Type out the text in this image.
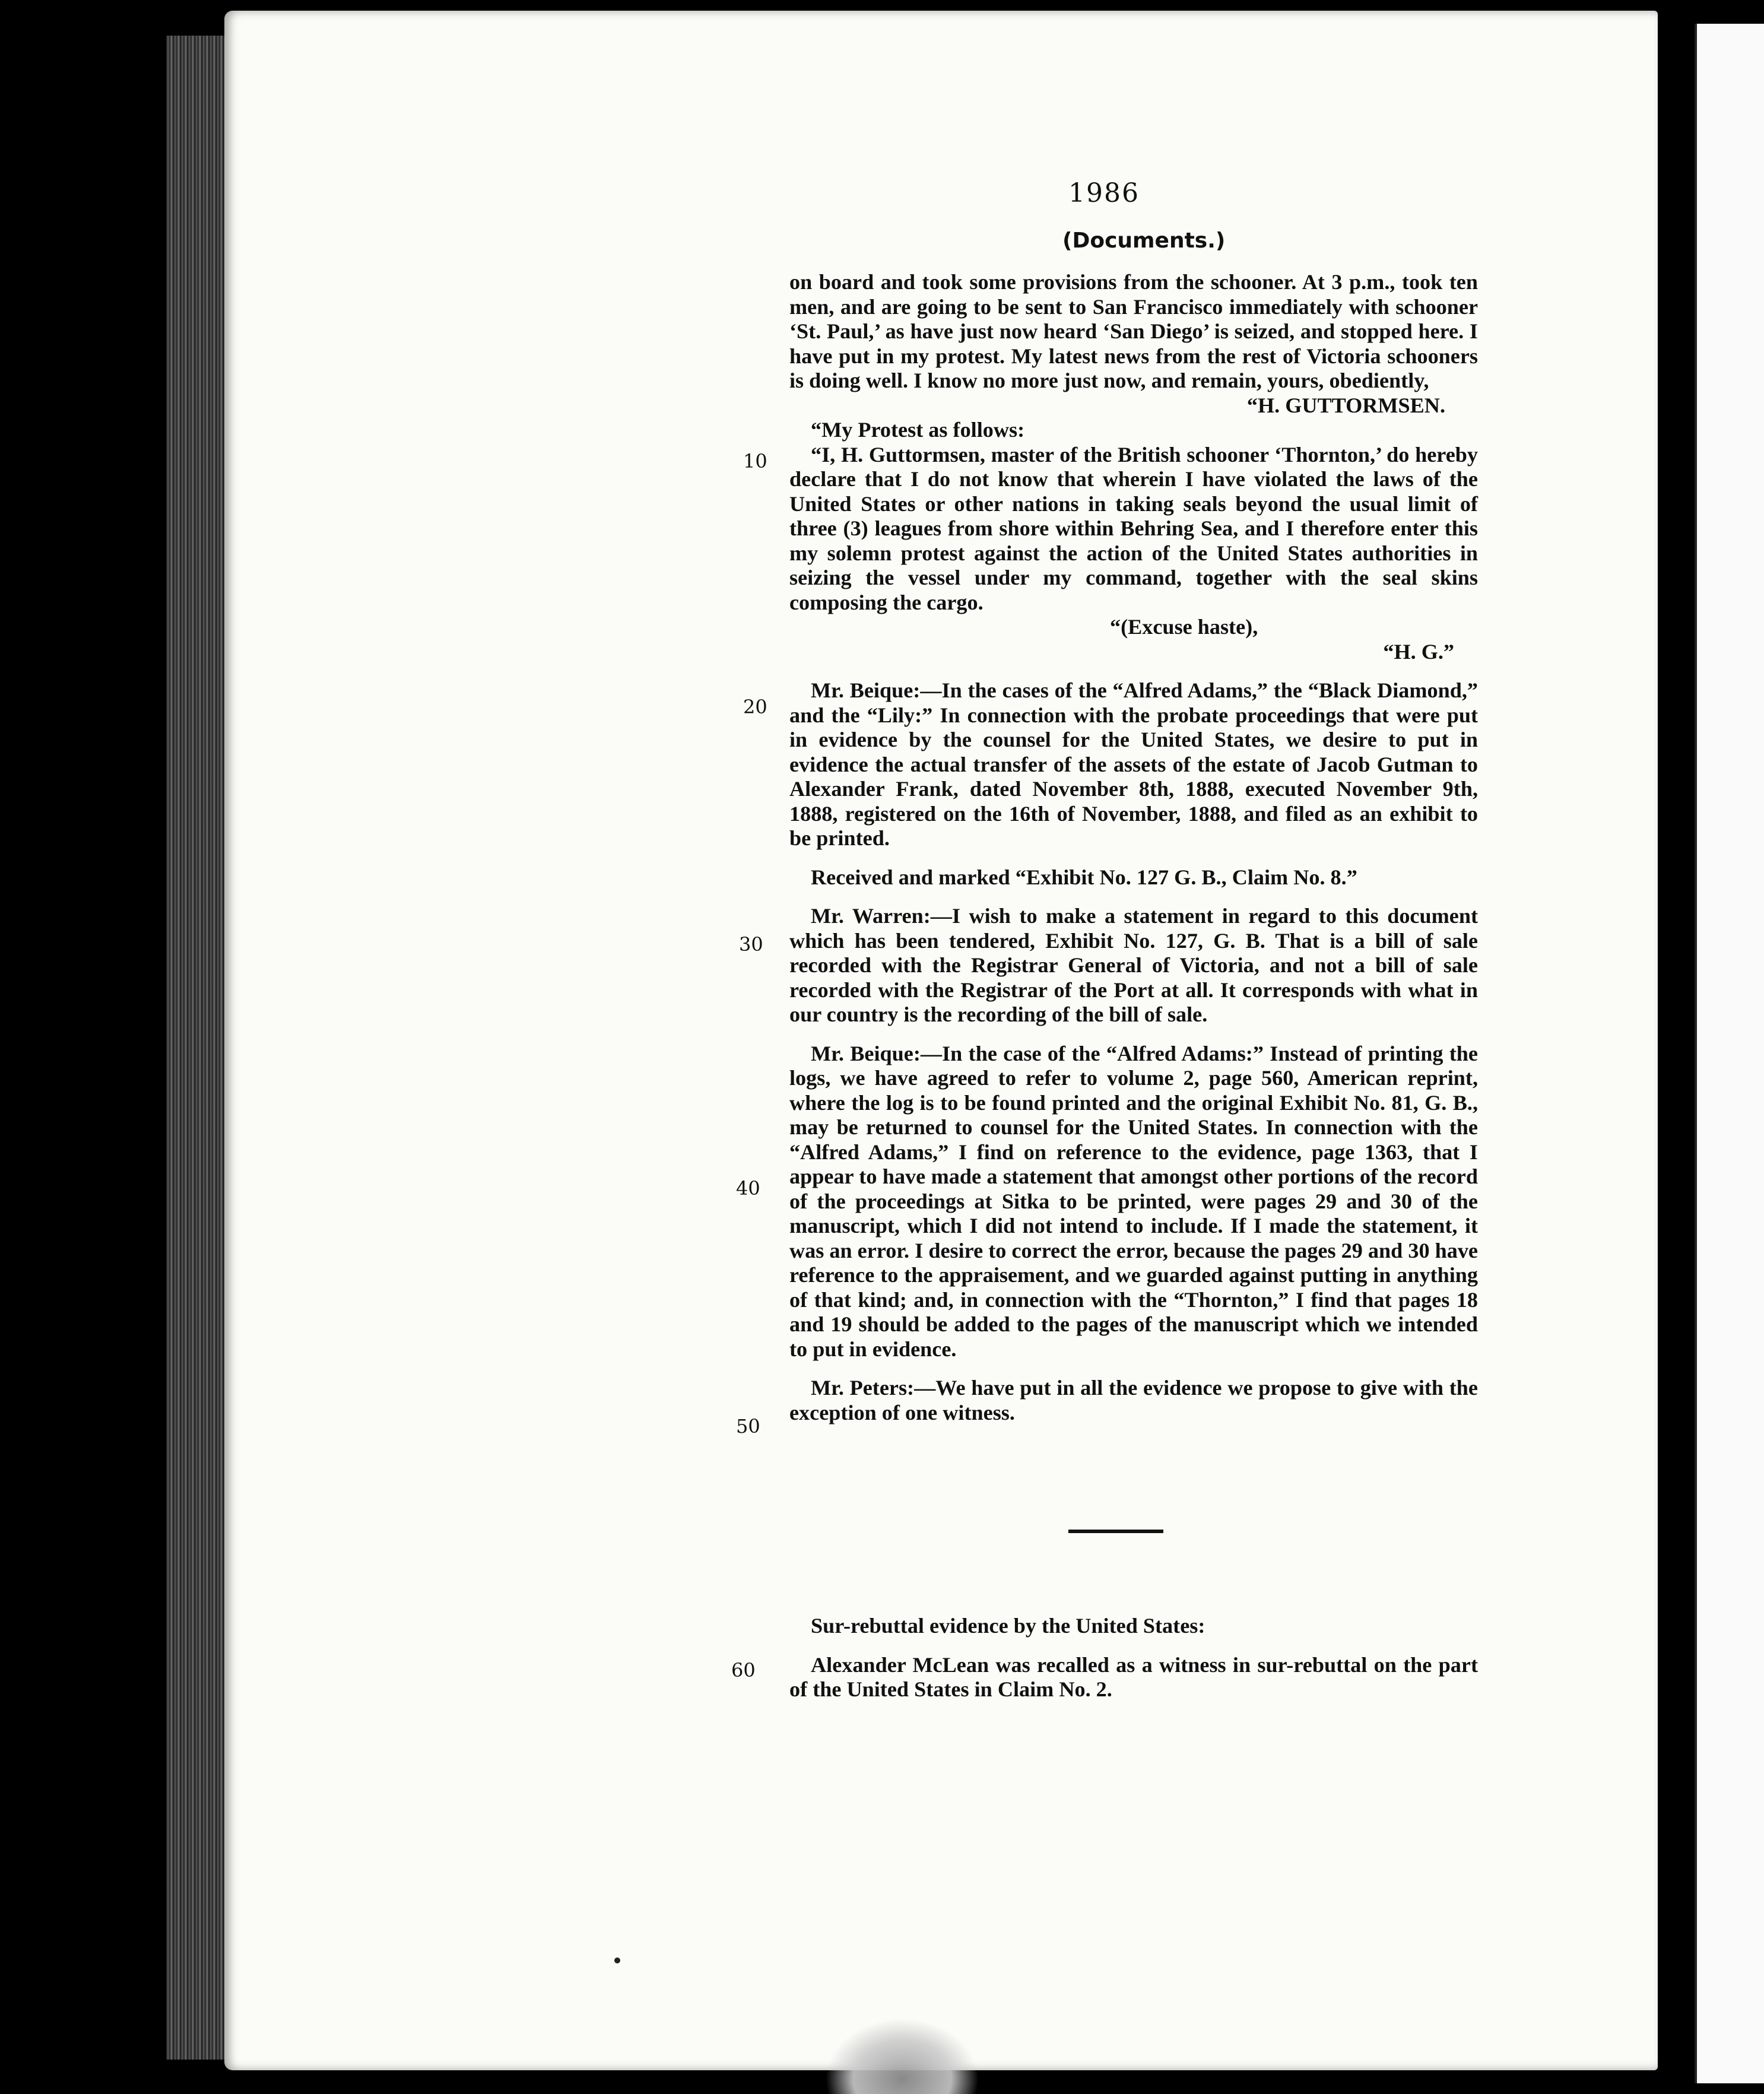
1986
(Documents.)
10
20
30
40
50
60

on board and took some provisions from the schooner. At 3 p.m., took ten men, and are going to be sent to San Francisco immediately with schooner ‘St. Paul,’ as have just now heard ‘San Diego’ is seized, and stopped here. I have put in my protest. My latest news from the rest of Victoria schooners is doing well. I know no more just now, and remain, yours, obediently,

“H. GUTTORMSEN.

“My Protest as follows:

“I, H. Guttormsen, master of the British schooner ‘Thornton,’ do hereby declare that I do not know that wherein I have violated the laws of the United States or other nations in taking seals beyond the usual limit of three (3) leagues from shore within Behring Sea, and I therefore enter this my solemn protest against the action of the United States authorities in seizing the vessel under my command, together with the seal skins composing the cargo.

“(Excuse haste),

“H. G.”

Mr. Beique:—In the cases of the “Alfred Adams,” the “Black Diamond,” and the “Lily:” In connection with the probate proceedings that were put in evidence by the counsel for the United States, we desire to put in evidence the actual transfer of the assets of the estate of Jacob Gutman to Alexander Frank, dated November 8th, 1888, executed November 9th, 1888, registered on the 16th of November, 1888, and filed as an exhibit to be printed.

Received and marked “Exhibit No. 127 G. B., Claim No. 8.”

Mr. Warren:—I wish to make a statement in regard to this document which has been tendered, Exhibit No. 127, G. B. That is a bill of sale recorded with the Registrar General of Victoria, and not a bill of sale recorded with the Registrar of the Port at all. It corresponds with what in our country is the recording of the bill of sale.

Mr. Beique:—In the case of the “Alfred Adams:” Instead of printing the logs, we have agreed to refer to volume 2, page 560, American reprint, where the log is to be found printed and the original Exhibit No. 81, G. B., may be returned to counsel for the United States. In connection with the “Alfred Adams,” I find on reference to the evidence, page 1363, that I appear to have made a statement that amongst other portions of the record of the proceedings at Sitka to be printed, were pages 29 and 30 of the manuscript, which I did not intend to include. If I made the statement, it was an error. I desire to correct the error, because the pages 29 and 30 have reference to the appraisement, and we guarded against putting in anything of that kind; and, in connection with the “Thornton,” I find that pages 18 and 19 should be added to the pages of the manuscript which we intended to put in evidence.

Mr. Peters:—We have put in all the evidence we propose to give with the exception of one witness.

Sur-rebuttal evidence by the United States:

Alexander McLean was recalled as a witness in sur-rebuttal on the part of the United States in Claim No. 2.
